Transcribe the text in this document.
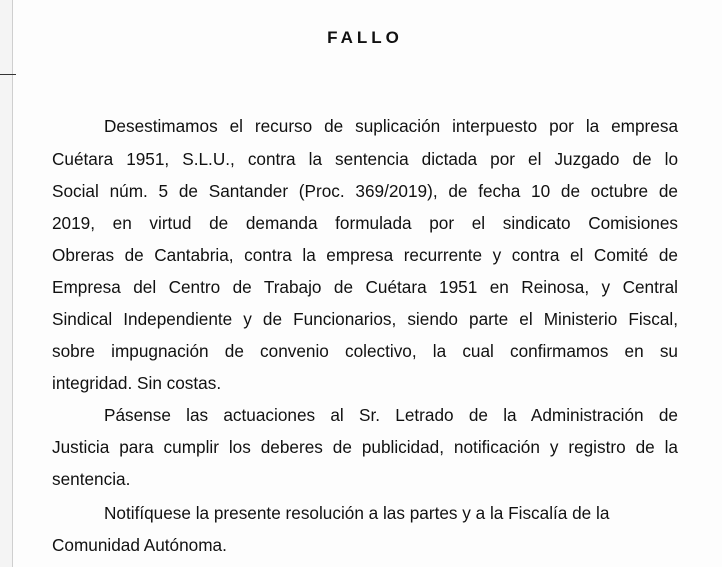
FALLO
Desestimamos el recurso de suplicación interpuesto por la empresa
Cuétara 1951, S.L.U., contra la sentencia dictada por el Juzgado de lo
Social núm. 5 de Santander (Proc. 369/2019), de fecha 10 de octubre de
2019, en virtud de demanda formulada por el sindicato Comisiones
Obreras de Cantabria, contra la empresa recurrente y contra el Comité de
Empresa del Centro de Trabajo de Cuétara 1951 en Reinosa, y Central
Sindical Independiente y de Funcionarios, siendo parte el Ministerio Fiscal,
sobre impugnación de convenio colectivo, la cual confirmamos en su
integridad. Sin costas.
Pásense las actuaciones al Sr. Letrado de la Administración de
Justicia para cumplir los deberes de publicidad, notificación y registro de la
sentencia.
Notifíquese la presente resolución a las partes y a la Fiscalía de la
Comunidad Autónoma.
